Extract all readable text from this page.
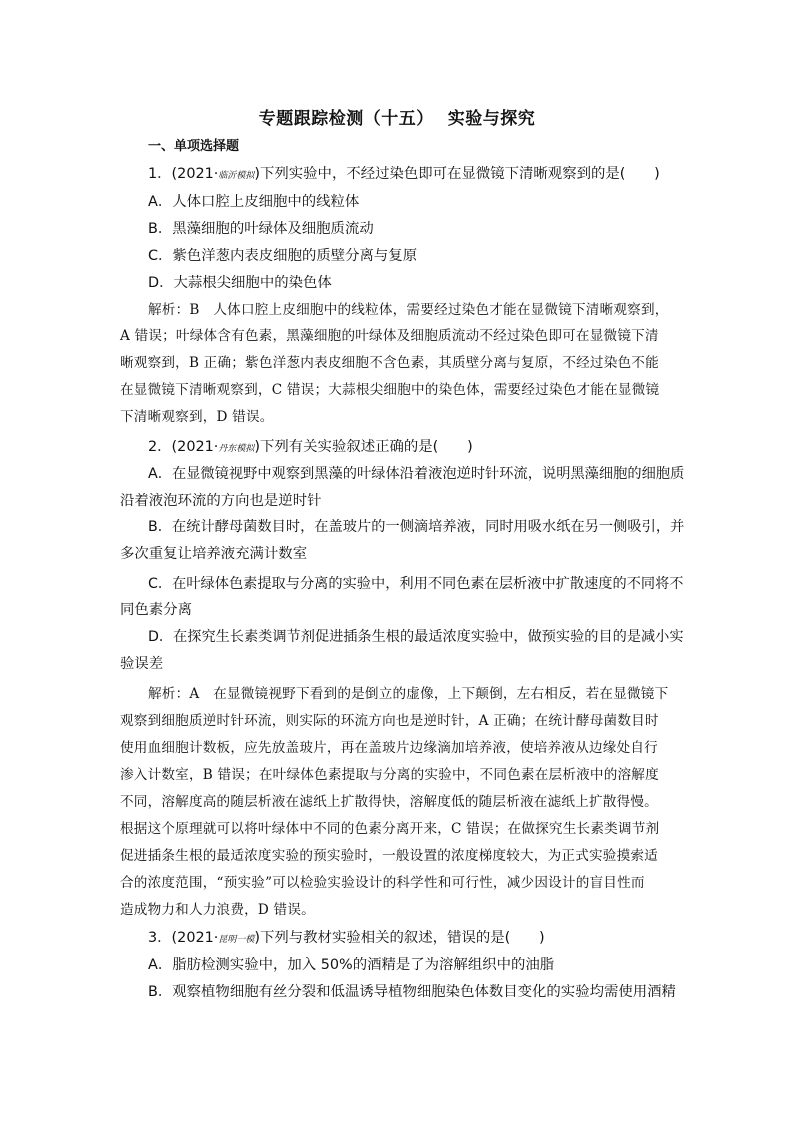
专题跟踪检测（十五） 实验与探究
一、单项选择题
1．(2021·临沂模拟)下列实验中，不经过染色即可在显微镜下清晰观察到的是(　　)
A．人体口腔上皮细胞中的线粒体
B．黑藻细胞的叶绿体及细胞质流动
C．紫色洋葱内表皮细胞的质壁分离与复原
D．大蒜根尖细胞中的染色体
解析：B　人体口腔上皮细胞中的线粒体，需要经过染色才能在显微镜下清晰观察到，
A 错误；叶绿体含有色素，黑藻细胞的叶绿体及细胞质流动不经过染色即可在显微镜下清
晰观察到，B 正确；紫色洋葱内表皮细胞不含色素，其质壁分离与复原，不经过染色不能
在显微镜下清晰观察到，C 错误；大蒜根尖细胞中的染色体，需要经过染色才能在显微镜
下清晰观察到，D 错误。
2．(2021·丹东模拟)下列有关实验叙述正确的是(　　)
A．在显微镜视野中观察到黑藻的叶绿体沿着液泡逆时针环流，说明黑藻细胞的细胞质
沿着液泡环流的方向也是逆时针
B．在统计酵母菌数目时，在盖玻片的一侧滴培养液，同时用吸水纸在另一侧吸引，并
多次重复让培养液充满计数室
C．在叶绿体色素提取与分离的实验中，利用不同色素在层析液中扩散速度的不同将不
同色素分离
D．在探究生长素类调节剂促进插条生根的最适浓度实验中，做预实验的目的是减小实
验误差
解析：A　在显微镜视野下看到的是倒立的虚像，上下颠倒，左右相反，若在显微镜下
观察到细胞质逆时针环流，则实际的环流方向也是逆时针，A 正确；在统计酵母菌数目时
使用血细胞计数板，应先放盖玻片，再在盖玻片边缘滴加培养液，使培养液从边缘处自行
渗入计数室，B 错误；在叶绿体色素提取与分离的实验中，不同色素在层析液中的溶解度
不同，溶解度高的随层析液在滤纸上扩散得快，溶解度低的随层析液在滤纸上扩散得慢。
根据这个原理就可以将叶绿体中不同的色素分离开来，C 错误；在做探究生长素类调节剂
促进插条生根的最适浓度实验的预实验时，一般设置的浓度梯度较大，为正式实验摸索适
合的浓度范围，“预实验”可以检验实验设计的科学性和可行性，减少因设计的盲目性而
造成物力和人力浪费，D 错误。
3．(2021·昆明一模)下列与教材实验相关的叙述，错误的是(　　)
A．脂肪检测实验中，加入 50%的酒精是了为溶解组织中的油脂
B．观察植物细胞有丝分裂和低温诱导植物细胞染色体数目变化的实验均需使用酒精
